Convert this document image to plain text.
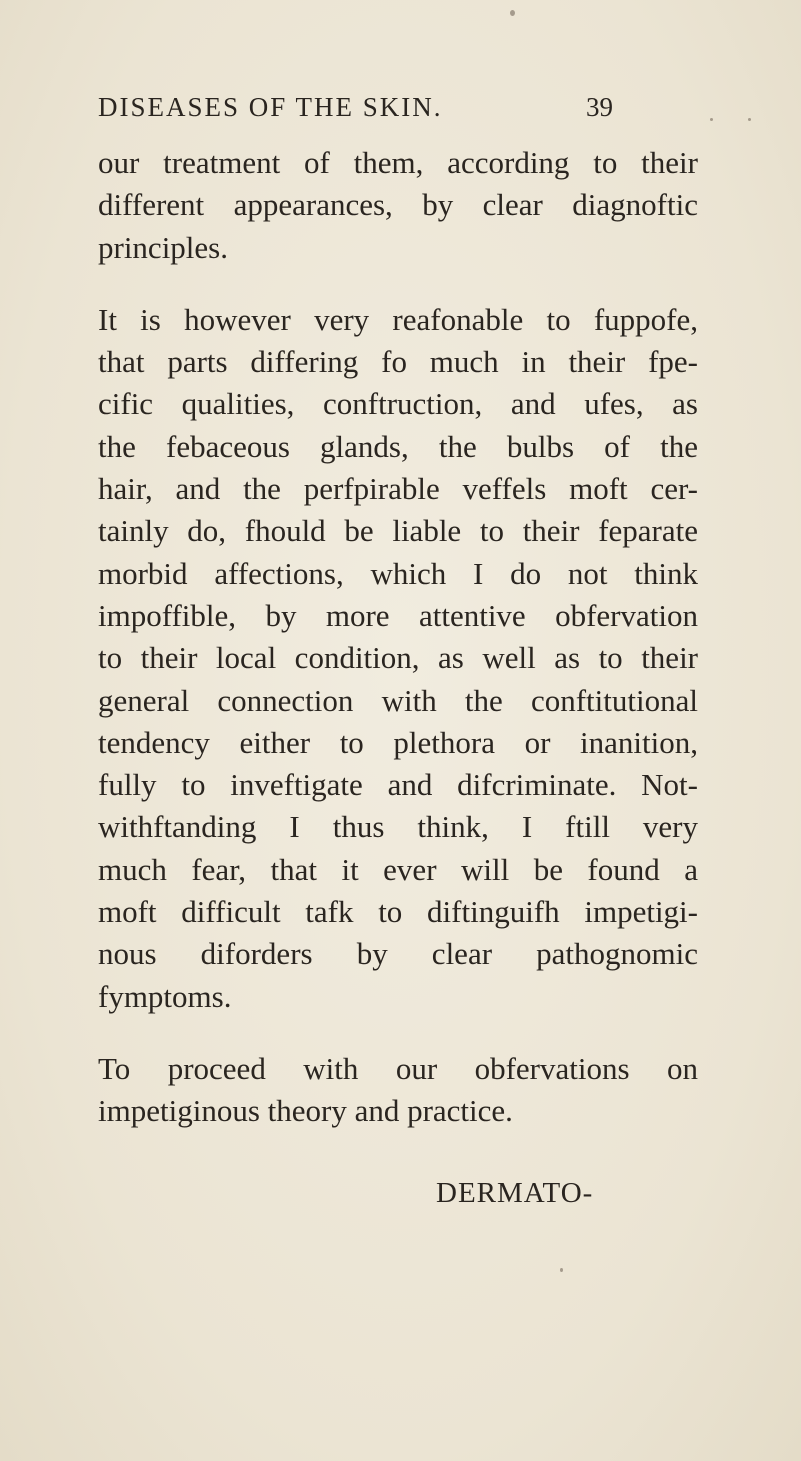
DISEASES OF THE SKIN.	39
our treatment of them, according to their
different appearances, by clear diagnoftic
principles.
It is however very reafonable to fuppofe,
that parts differing fo much in their fpe-
cific qualities, conftruction, and ufes, as
the febaceous glands, the bulbs of the
hair, and the perfpirable veffels moft cer-
tainly do, fhould be liable to their feparate
morbid affections, which I do not think
impoffible, by more attentive obfervation
to their local condition, as well as to their
general connection with the conftitutional
tendency either to plethora or inanition,
fully to inveftigate and difcriminate. Not-
withftanding I thus think, I ftill very
much fear, that it ever will be found a
moft difficult tafk to diftinguifh impetigi-
nous diforders by clear pathognomic
fymptoms.
To proceed with our obfervations on
impetiginous theory and practice.
DERMATO-
